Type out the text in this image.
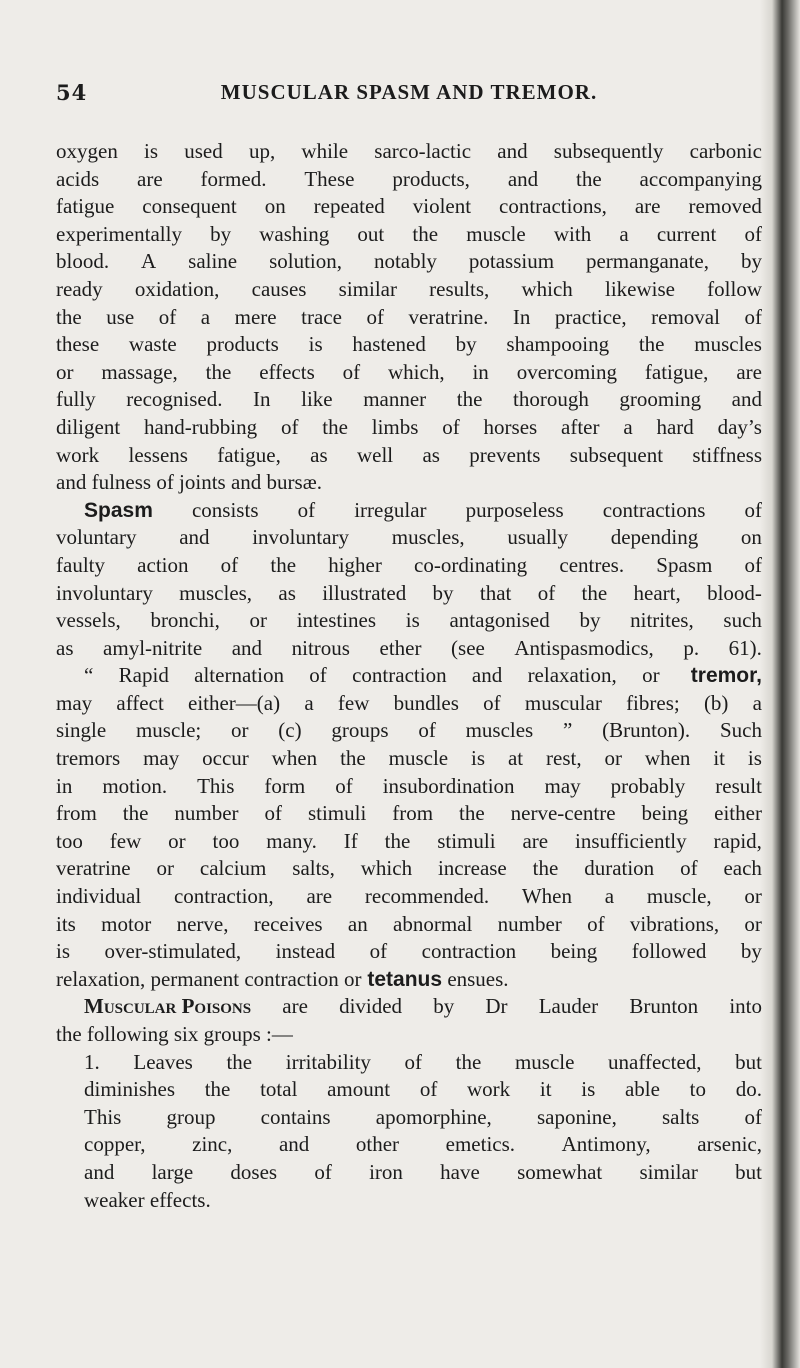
54	MUSCULAR SPASM AND TREMOR.
oxygen is used up, while sarco-lactic and subsequently carbonic
acids are formed. These products, and the accompanying
fatigue consequent on repeated violent contractions, are removed
experimentally by washing out the muscle with a current of
blood. A saline solution, notably potassium permanganate, by
ready oxidation, causes similar results, which likewise follow
the use of a mere trace of veratrine. In practice, removal of
these waste products is hastened by shampooing the muscles
or massage, the effects of which, in overcoming fatigue, are
fully recognised. In like manner the thorough grooming and
diligent hand-rubbing of the limbs of horses after a hard day’s
work lessens fatigue, as well as prevents subsequent stiffness
and fulness of joints and bursæ.
Spasm consists of irregular purposeless contractions of
voluntary and involuntary muscles, usually depending on
faulty action of the higher co-ordinating centres. Spasm of
involuntary muscles, as illustrated by that of the heart, blood-
vessels, bronchi, or intestines is antagonised by nitrites, such
as amyl-nitrite and nitrous ether (see Antispasmodics, p. 61).
“ Rapid alternation of contraction and relaxation, or tremor,
may affect either—(a) a few bundles of muscular fibres; (b) a
single muscle; or (c) groups of muscles ” (Brunton). Such
tremors may occur when the muscle is at rest, or when it is
in motion. This form of insubordination may probably result
from the number of stimuli from the nerve-centre being either
too few or too many. If the stimuli are insufficiently rapid,
veratrine or calcium salts, which increase the duration of each
individual contraction, are recommended. When a muscle, or
its motor nerve, receives an abnormal number of vibrations, or
is over-stimulated, instead of contraction being followed by
relaxation, permanent contraction or tetanus ensues.
Muscular Poisons are divided by Dr Lauder Brunton into
the following six groups :—
1. Leaves the irritability of the muscle unaffected, but
diminishes the total amount of work it is able to do.
This group contains apomorphine, saponine, salts of
copper, zinc, and other emetics. Antimony, arsenic,
and large doses of iron have somewhat similar but
weaker effects.
